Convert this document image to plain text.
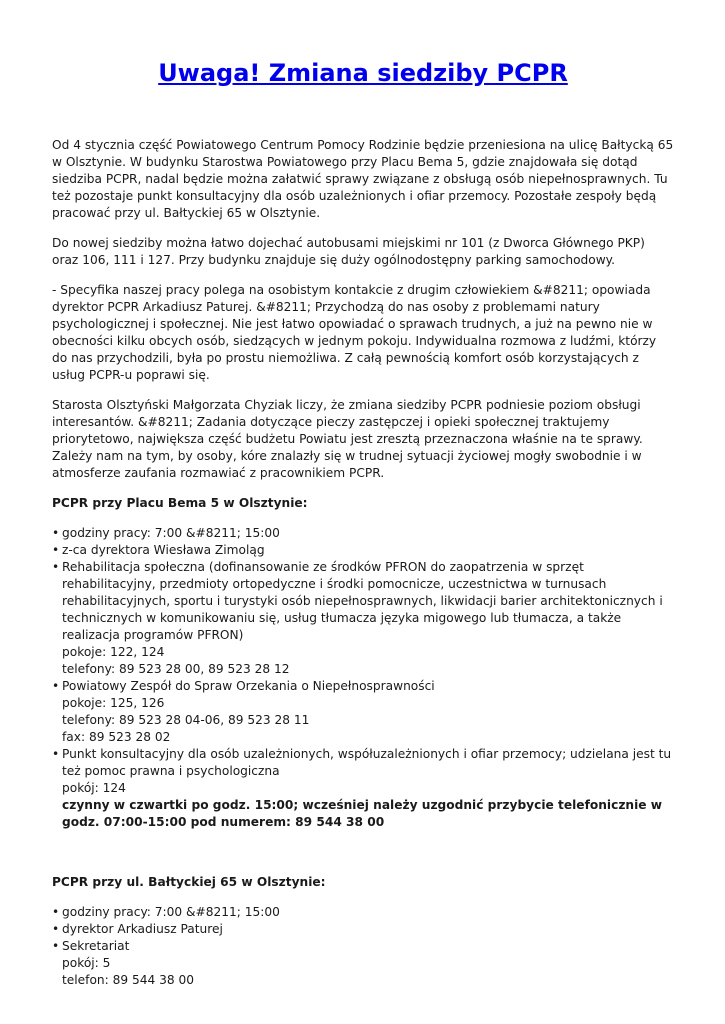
Uwaga! Zmiana siedziby PCPR

Od 4 stycznia część Powiatowego Centrum Pomocy Rodzinie będzie przeniesiona na ulicę Bałtycką 65 w Olsztynie. W budynku Starostwa Powiatowego przy Placu Bema 5, gdzie znajdowała się dotąd siedziba PCPR, nadal będzie można załatwić sprawy związane z obsługą osób niepełnosprawnych. Tu też pozostaje punkt konsultacyjny dla osób uzależnionych i ofiar przemocy. Pozostałe zespoły będą pracować przy ul. Bałtyckiej 65 w Olsztynie.

Do nowej siedziby można łatwo dojechać autobusami miejskimi nr 101 (z Dworca Głównego PKP) oraz 106, 111 i 127. Przy budynku znajduje się duży ogólnodostępny parking samochodowy.

- Specyfika naszej pracy polega na osobistym kontakcie z drugim człowiekiem &#8211; opowiada dyrektor PCPR Arkadiusz Paturej. &#8211; Przychodzą do nas osoby z problemami natury psychologicznej i społecznej. Nie jest łatwo opowiadać o sprawach trudnych, a już na pewno nie w obecności kilku obcych osób, siedzących w jednym pokoju. Indywidualna rozmowa z ludźmi, którzy do nas przychodzili, była po prostu niemożliwa. Z całą pewnością komfort osób korzystających z usług PCPR-u poprawi się.

Starosta Olsztyński Małgorzata Chyziak liczy, że zmiana siedziby PCPR podniesie poziom obsługi interesantów. &#8211; Zadania dotyczące pieczy zastępczej i opieki społecznej traktujemy priorytetowo, największa część budżetu Powiatu jest zresztą przeznaczona właśnie na te sprawy. Zależy nam na tym, by osoby, kóre znalazły się w trudnej sytuacji życiowej mogły swobodnie i w atmosferze zaufania rozmawiać z pracownikiem PCPR.

PCPR przy Placu Bema 5 w Olsztynie:
• godziny pracy: 7:00 &#8211; 15:00
• z-ca dyrektora Wiesława Zimoląg
• Rehabilitacja społeczna (dofinansowanie ze środków PFRON do zaopatrzenia w sprzęt rehabilitacyjny, przedmioty ortopedyczne i środki pomocnicze, uczestnictwa w turnusach rehabilitacyjnych, sportu i turystyki osób niepełnosprawnych, likwidacji barier architektonicznych i technicznych w komunikowaniu się, usług tłumacza języka migowego lub tłumacza, a także realizacja programów PFRON)
pokoje: 122, 124
telefony: 89 523 28 00, 89 523 28 12
• Powiatowy Zespół do Spraw Orzekania o Niepełnosprawności
pokoje: 125, 126
telefony: 89 523 28 04-06, 89 523 28 11
fax: 89 523 28 02
• Punkt konsultacyjny dla osób uzależnionych, współuzależnionych i ofiar przemocy; udzielana jest tu też pomoc prawna i psychologiczna
pokój: 124
czynny w czwartki po godz. 15:00; wcześniej należy uzgodnić przybycie telefonicznie w godz. 07:00-15:00 pod numerem: 89 544 38 00
PCPR przy ul. Bałtyckiej 65 w Olsztynie:
• godziny pracy: 7:00 &#8211; 15:00
• dyrektor Arkadiusz Paturej
• Sekretariat
pokój: 5
telefon: 89 544 38 00
